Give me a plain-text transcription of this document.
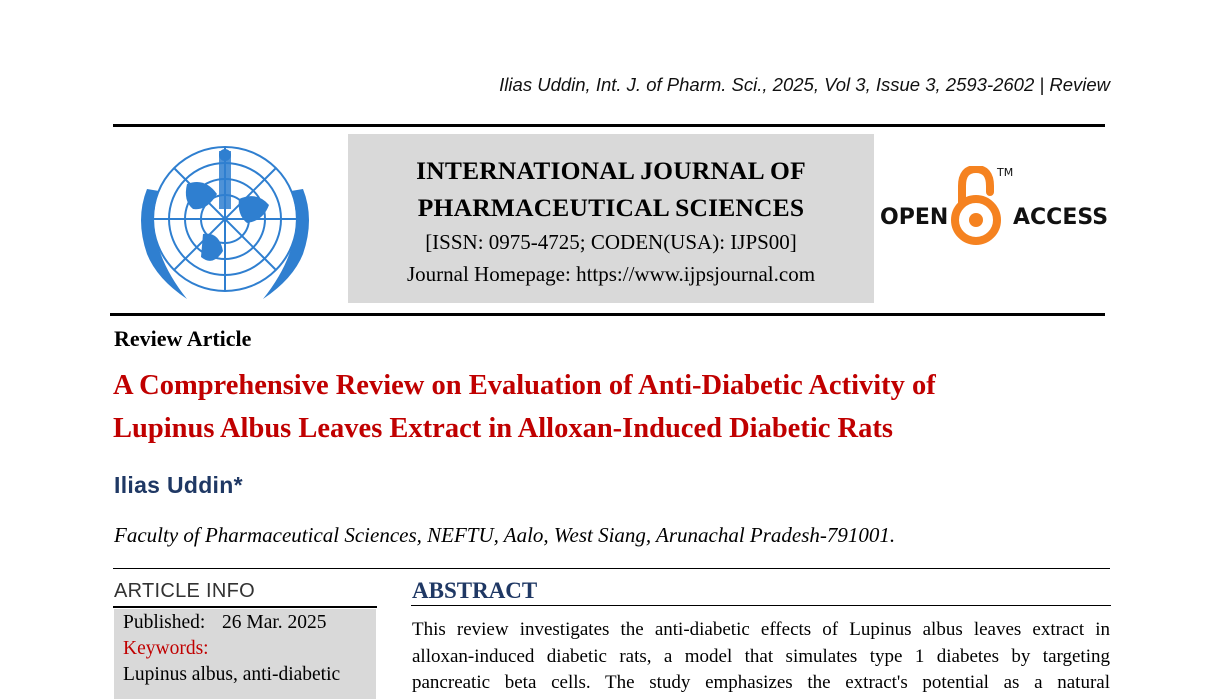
Ilias Uddin, Int. J. of Pharm. Sci., 2025, Vol 3, Issue 3, 2593-2602 | Review
INTERNATIONAL JOURNAL OF
PHARMACEUTICAL SCIENCES
[ISSN: 0975-4725; CODEN(USA): IJPS00]
Journal Homepage: https://www.ijpsjournal.com
OPEN
TM
ACCESS
Review Article
A Comprehensive Review on Evaluation of Anti-Diabetic Activity of
Lupinus Albus Leaves Extract in Alloxan-Induced Diabetic Rats
Ilias Uddin*
Faculty of Pharmaceutical Sciences, NEFTU, Aalo, West Siang, Arunachal Pradesh-791001.
ARTICLE INFO
Published: 26 Mar. 2025
Keywords:
Lupinus albus, anti-diabetic
ABSTRACT
This review investigates the anti-diabetic effects of Lupinus albus leaves extract in
alloxan-induced diabetic rats, a model that simulates type 1 diabetes by targeting
pancreatic beta cells. The study emphasizes the extract's potential as a natural
